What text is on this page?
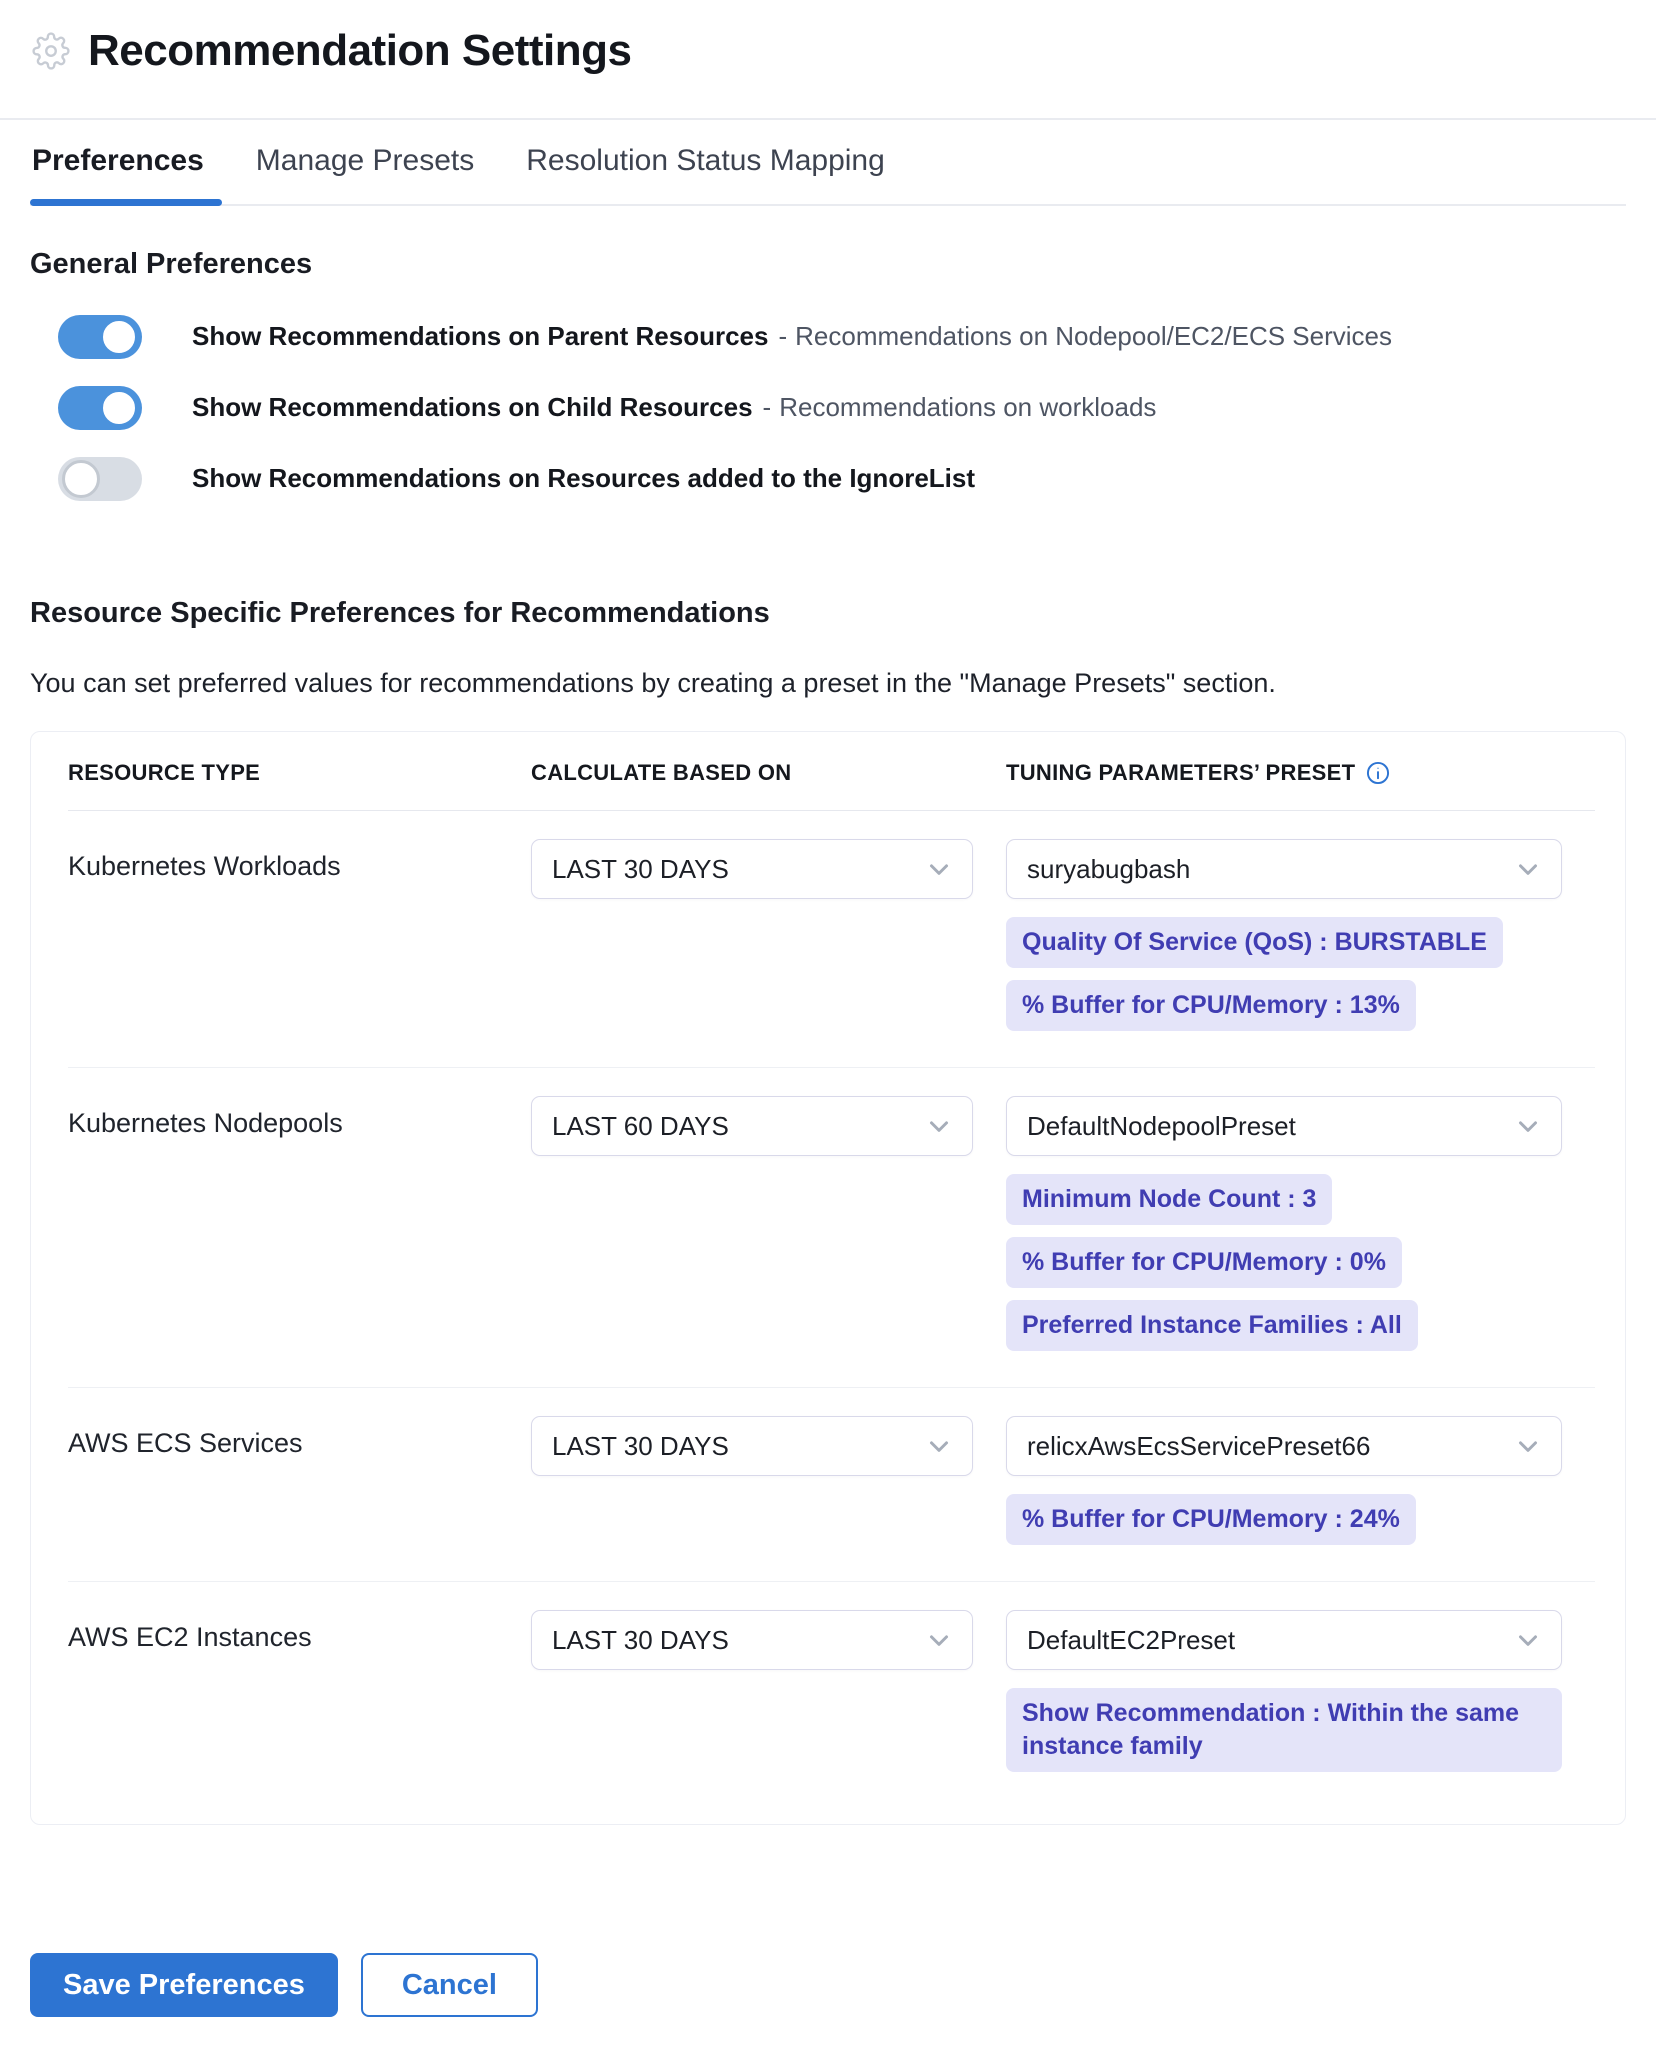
Recommendation Settings
Preferences Manage Presets Resolution Status Mapping
General Preferences
Show Recommendations on Parent Resources - Recommendations on Nodepool/EC2/ECS Services
Show Recommendations on Child Resources - Recommendations on workloads
Show Recommendations on Resources added to the IgnoreList
Resource Specific Preferences for Recommendations

You can set preferred values for recommendations by creating a preset in the "Manage Presets" section.

RESOURCE TYPE	CALCULATE BASED ON	TUNING PARAMETERS’ PRESET
Kubernetes Workloads	LAST 30 DAYS	suryabugbash
Quality Of Service (QoS) : BURSTABLE
% Buffer for CPU/Memory : 13%
Kubernetes Nodepools	LAST 60 DAYS	DefaultNodepoolPreset
Minimum Node Count : 3
% Buffer for CPU/Memory : 0%
Preferred Instance Families : All
AWS ECS Services	LAST 30 DAYS	relicxAwsEcsServicePreset66
% Buffer for CPU/Memory : 24%
AWS EC2 Instances	LAST 30 DAYS	DefaultEC2Preset
Show Recommendation : Within the same instance family
Save Preferences	Cancel
